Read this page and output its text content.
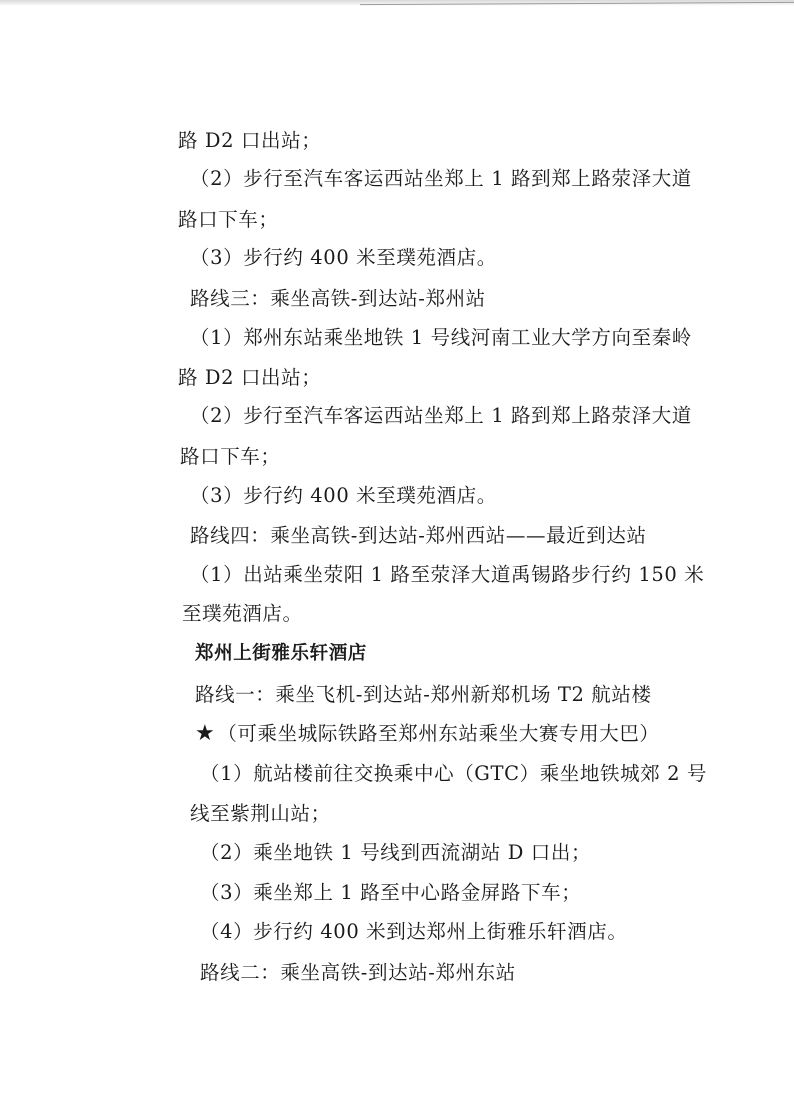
路 D2 口出站；
（2）步行至汽车客运西站坐郑上 1 路到郑上路荥泽大道
路口下车；
（3）步行约 400 米至璞苑酒店。
路线三：乘坐高铁-到达站-郑州站
（1）郑州东站乘坐地铁 1 号线河南工业大学方向至秦岭
路 D2 口出站；
（2）步行至汽车客运西站坐郑上 1 路到郑上路荥泽大道
路口下车；
（3）步行约 400 米至璞苑酒店。
路线四：乘坐高铁-到达站-郑州西站——最近到达站
（1）出站乘坐荥阳 1 路至荥泽大道禹锡路步行约 150 米
至璞苑酒店。
郑州上街雅乐轩酒店
路线一：乘坐飞机-到达站-郑州新郑机场 T2 航站楼
★ （可乘坐城际铁路至郑州东站乘坐大赛专用大巴）
（1）航站楼前往交换乘中心（GTC）乘坐地铁城郊 2 号
线至紫荆山站；
（2）乘坐地铁 1 号线到西流湖站 D 口出；
（3）乘坐郑上 1 路至中心路金屏路下车；
（4）步行约 400 米到达郑州上街雅乐轩酒店。
路线二：乘坐高铁-到达站-郑州东站
